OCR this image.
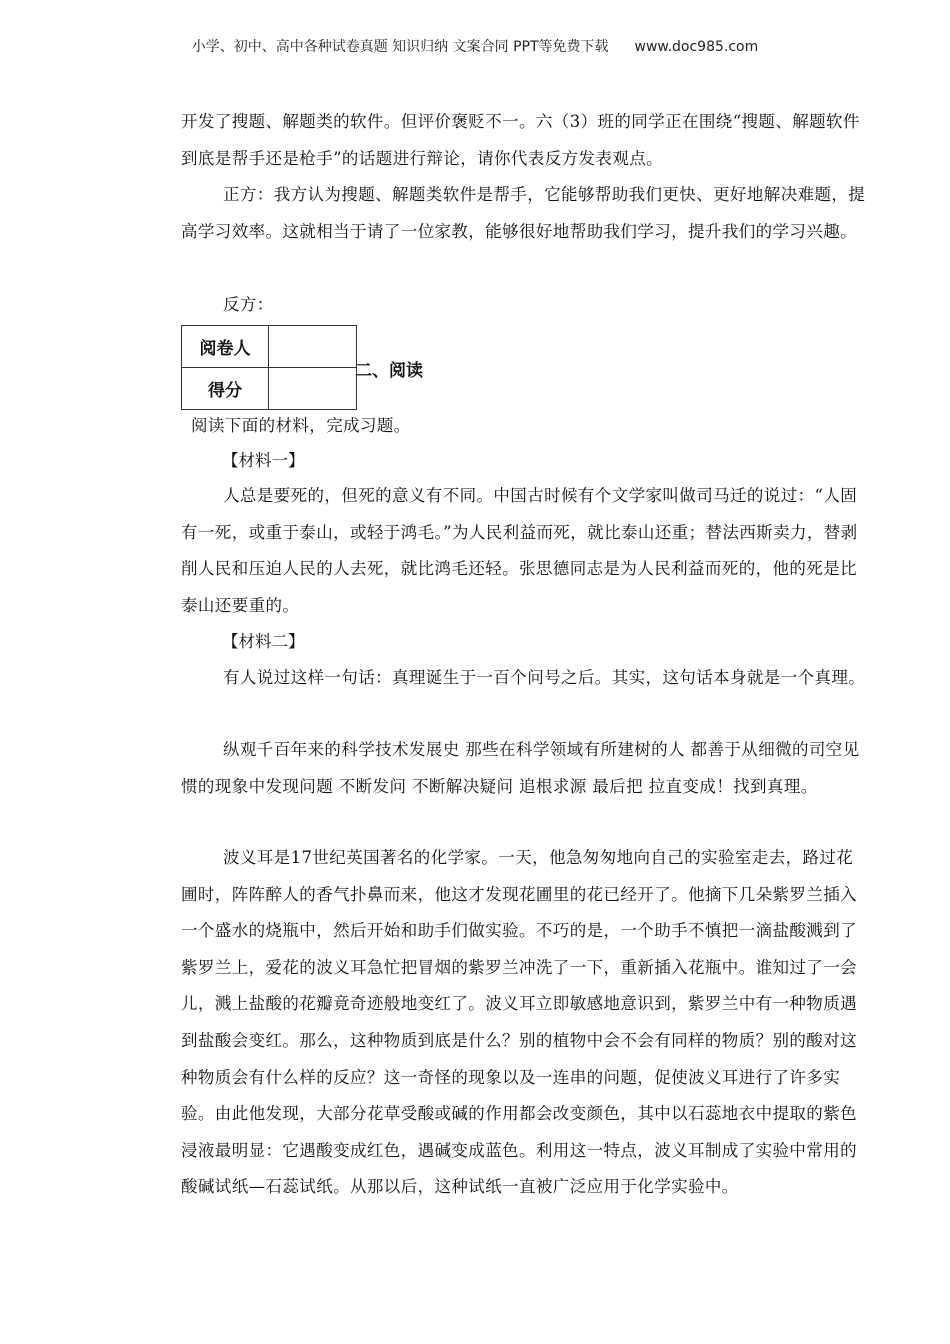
小学、初中、高中各种试卷真题 知识归纳 文案合同 PPT等免费下载 www.doc985.com

开发了搜题、解题类的软件。但评价褒贬不一。六（3）班的同学正在围绕“搜题、解题软件到底是帮手还是枪手”的话题进行辩论，请你代表反方发表观点。

正方：我方认为搜题、解题类软件是帮手，它能够帮助我们更快、更好地解决难题，提高学习效率。这就相当于请了一位家教，能够很好地帮助我们学习，提升我们的学习兴趣。

反方：

阅卷人	
得分	
二、阅读

阅读下面的材料，完成习题。

【材料一】

人总是要死的，但死的意义有不同。中国古时候有个文学家叫做司马迁的说过：“人固有一死，或重于泰山，或轻于鸿毛。”为人民利益而死，就比泰山还重；替法西斯卖力，替剥削人民和压迫人民的人去死，就比鸿毛还轻。张思德同志是为人民利益而死的，他的死是比泰山还要重的。

【材料二】

有人说过这样一句话：真理诞生于一百个问号之后。其实，这句话本身就是一个真理。

纵观千百年来的科学技术发展史 那些在科学领域有所建树的人 都善于从细微的司空见惯的现象中发现问题 不断发问 不断解决疑问 追根求源 最后把 拉直变成！找到真理。

波义耳是17世纪英国著名的化学家。一天，他急匆匆地向自己的实验室走去，路过花圃时，阵阵醉人的香气扑鼻而来，他这才发现花圃里的花已经开了。他摘下几朵紫罗兰插入一个盛水的烧瓶中，然后开始和助手们做实验。不巧的是，一个助手不慎把一滴盐酸溅到了紫罗兰上，爱花的波义耳急忙把冒烟的紫罗兰冲洗了一下，重新插入花瓶中。谁知过了一会儿，溅上盐酸的花瓣竟奇迹般地变红了。波义耳立即敏感地意识到，紫罗兰中有一种物质遇到盐酸会变红。那么，这种物质到底是什么？别的植物中会不会有同样的物质？别的酸对这种物质会有什么样的反应？这一奇怪的现象以及一连串的问题，促使波义耳进行了许多实验。由此他发现，大部分花草受酸或碱的作用都会改变颜色，其中以石蕊地衣中提取的紫色浸液最明显：它遇酸变成红色，遇碱变成蓝色。利用这一特点，波义耳制成了实验中常用的酸碱试纸—石蕊试纸。从那以后，这种试纸一直被广泛应用于化学实验中。
